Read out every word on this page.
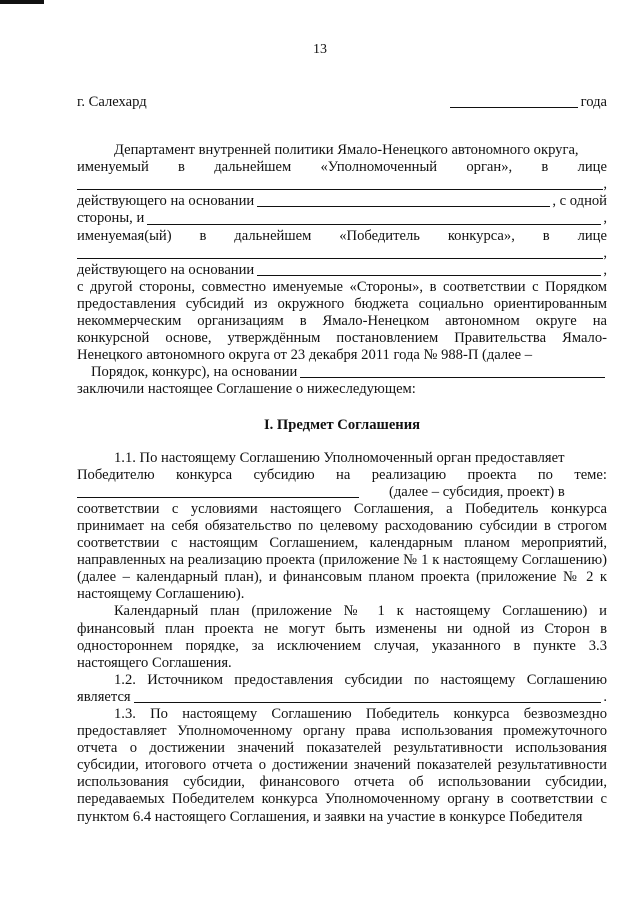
13
г. Салехард	года
Департамент внутренней политики Ямало-Ненецкого автономного округа,
именуемый в дальнейшем «Уполномоченный орган», в лице
,
действующего на основании	, с одной
стороны, и	,
именуемая(ый) в дальнейшем «Победитель конкурса», в лице
,
действующего на основании	,
с другой стороны, совместно именуемые «Стороны», в соответствии с Порядком предоставления субсидий из окружного бюджета социально ориентированным некоммерческим организациям в Ямало-Ненецком автономном округе на конкурсной основе, утверждённым постановлением Правительства Ямало-Ненецкого автономного округа от 23 декабря 2011 года № 988-П (далее –
Порядок, конкурс), на основании
заключили настоящее Соглашение о нижеследующем:
I. Предмет Соглашения
1.1. По настоящему Соглашению Уполномоченный орган предоставляет
Победителю конкурса субсидию на реализацию проекта по теме:
(далее – субсидия, проект) в
соответствии с условиями настоящего Соглашения, а Победитель конкурса принимает на себя обязательство по целевому расходованию субсидии в строгом соответствии с настоящим Соглашением, календарным планом мероприятий, направленных на реализацию проекта (приложение № 1 к настоящему Соглашению) (далее – календарный план), и финансовым планом проекта (приложение № 2 к настоящему Соглашению).
Календарный план (приложение № 1 к настоящему Соглашению) и финансовый план проекта не могут быть изменены ни одной из Сторон в одностороннем порядке, за исключением случая, указанного в пункте 3.3 настоящего Соглашения.
1.2. Источником предоставления субсидии по настоящему Соглашению
является	.
1.3. По настоящему Соглашению Победитель конкурса безвозмездно предоставляет Уполномоченному органу права использования промежуточного отчета о достижении значений показателей результативности использования субсидии, итогового отчета о достижении значений показателей результативности использования субсидии, финансового отчета об использовании субсидии, передаваемых Победителем конкурса Уполномоченному органу в соответствии с пунктом 6.4 настоящего Соглашения, и заявки на участие в конкурсе Победителя
